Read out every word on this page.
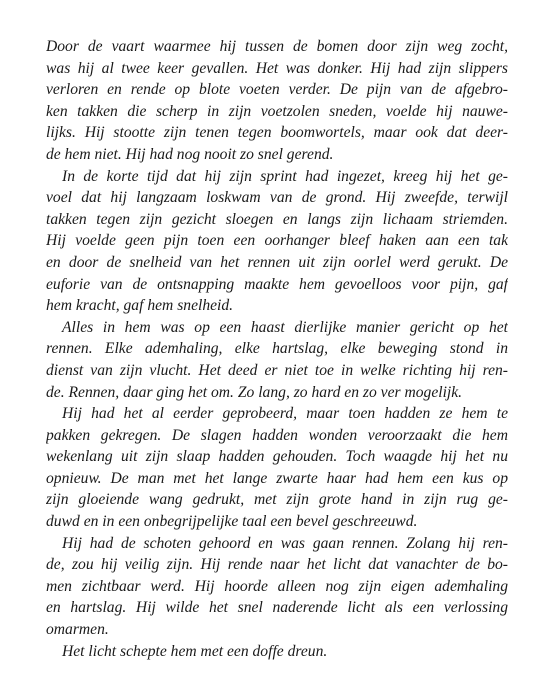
Door de vaart waarmee hij tussen de bomen door zijn weg zocht,
was hij al twee keer gevallen. Het was donker. Hij had zijn slippers
verloren en rende op blote voeten verder. De pijn van de afgebro-
ken takken die scherp in zijn voetzolen sneden, voelde hij nauwe-
lijks. Hij stootte zijn tenen tegen boomwortels, maar ook dat deer-
de hem niet. Hij had nog nooit zo snel gerend.
In de korte tijd dat hij zijn sprint had ingezet, kreeg hij het ge-
voel dat hij langzaam loskwam van de grond. Hij zweefde, terwijl
takken tegen zijn gezicht sloegen en langs zijn lichaam striemden.
Hij voelde geen pijn toen een oorhanger bleef haken aan een tak
en door de snelheid van het rennen uit zijn oorlel werd gerukt. De
euforie van de ontsnapping maakte hem gevoelloos voor pijn, gaf
hem kracht, gaf hem snelheid.
Alles in hem was op een haast dierlijke manier gericht op het
rennen. Elke ademhaling, elke hartslag, elke beweging stond in
dienst van zijn vlucht. Het deed er niet toe in welke richting hij ren-
de. Rennen, daar ging het om. Zo lang, zo hard en zo ver mogelijk.
Hij had het al eerder geprobeerd, maar toen hadden ze hem te
pakken gekregen. De slagen hadden wonden veroorzaakt die hem
wekenlang uit zijn slaap hadden gehouden. Toch waagde hij het nu
opnieuw. De man met het lange zwarte haar had hem een kus op
zijn gloeiende wang gedrukt, met zijn grote hand in zijn rug ge-
duwd en in een onbegrijpelijke taal een bevel geschreeuwd.
Hij had de schoten gehoord en was gaan rennen. Zolang hij ren-
de, zou hij veilig zijn. Hij rende naar het licht dat vanachter de bo-
men zichtbaar werd. Hij hoorde alleen nog zijn eigen ademhaling
en hartslag. Hij wilde het snel naderende licht als een verlossing
omarmen.
Het licht schepte hem met een doffe dreun.
